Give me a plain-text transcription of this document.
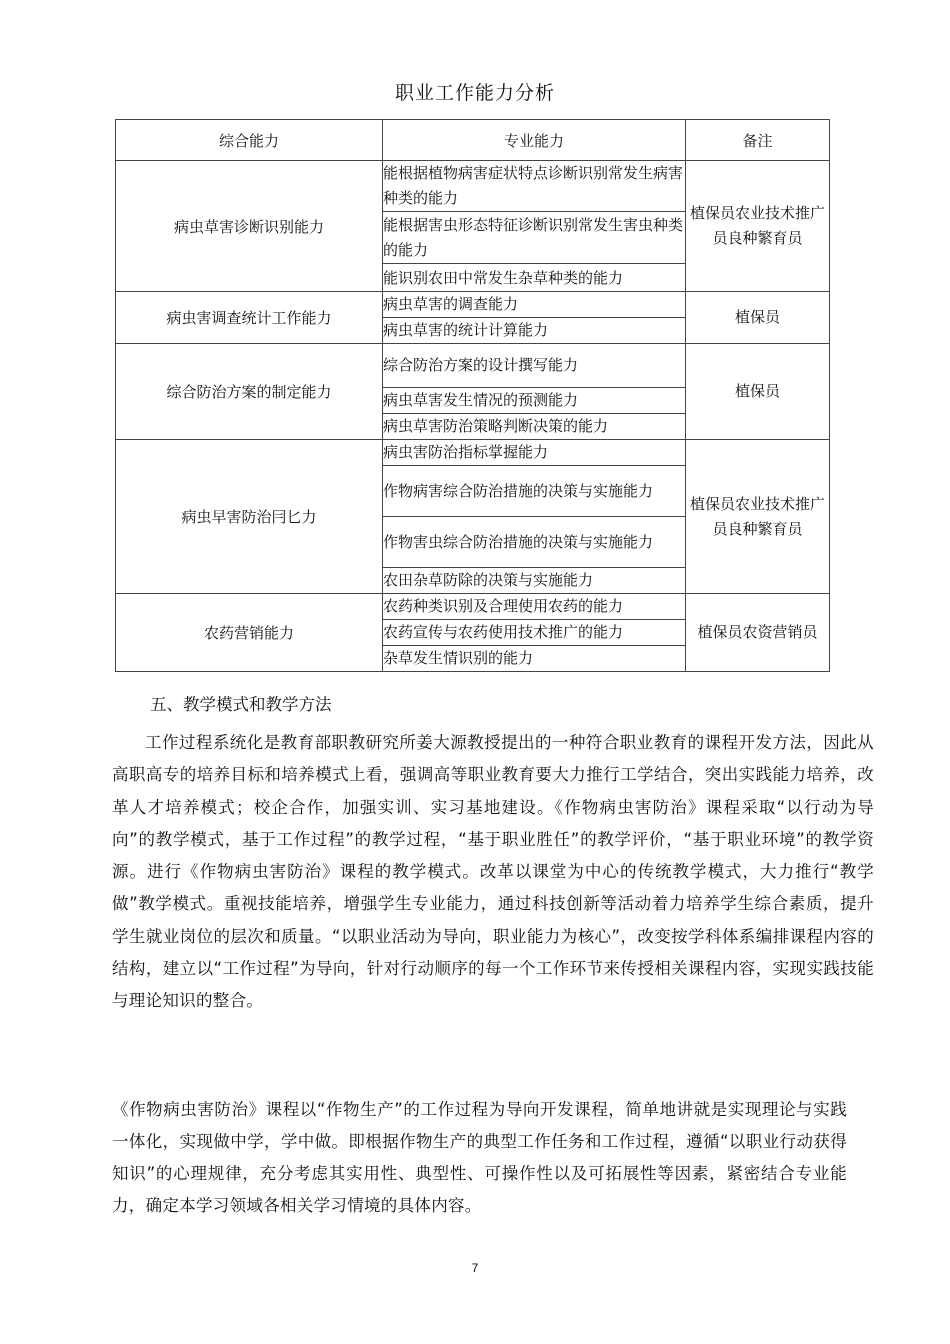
职业工作能力分析
综合能力	专业能力	备注
病虫草害诊断识别能力	能根据植物病害症状特点诊断识别常发生病害种类的能力	植保员农业技术推广员良种繁育员
	能根据害虫形态特征诊断识别常发生害虫种类的能力	
	能识别农田中常发生杂草种类的能力	
病虫害调查统计工作能力	病虫草害的调查能力	植保员
	病虫草害的统计计算能力	
综合防治方案的制定能力	综合防治方案的设计撰写能力	植保员
	病虫草害发生情况的预测能力	
	病虫草害防治策略判断决策的能力	
病虫早害防治冃匕力	病虫害防治指标掌握能力	植保员农业技术推广员良种繁育员
	作物病害综合防治措施的决策与实施能力	
	作物害虫综合防治措施的决策与实施能力	
	农田杂草防除的决策与实施能力	
农药营销能力	农药种类识别及合理使用农药的能力	植保员农资营销员
	农药宣传与农药使用技术推广的能力	
	杂草发生情识别的能力	
五、教学模式和教学方法
工作过程系统化是教育部职教研究所姜大源教授提出的一种符合职业教育的课程开发方法，因此从高职高专的培养目标和培养模式上看，强调高等职业教育要大力推行工学结合，突出实践能力培养，改革人才培养模式；校企合作，加强实训、实习基地建设。《作物病虫害防治》课程采取“以行动为导向”的教学模式，基于工作过程”的教学过程，“基于职业胜任”的教学评价，“基于职业环境”的教学资源。进行《作物病虫害防治》课程的教学模式。改革以课堂为中心的传统教学模式，大力推行“教学做”教学模式。重视技能培养，增强学生专业能力，通过科技创新等活动着力培养学生综合素质，提升学生就业岗位的层次和质量。“以职业活动为导向，职业能力为核心”，改变按学科体系编排课程内容的结构，建立以“工作过程”为导向，针对行动顺序的每一个工作环节来传授相关课程内容，实现实践技能与理论知识的整合。
《作物病虫害防治》课程以“作物生产”的工作过程为导向开发课程，简单地讲就是实现理论与实践一体化，实现做中学，学中做。即根据作物生产的典型工作任务和工作过程，遵循“以职业行动获得知识”的心理规律，充分考虑其实用性、典型性、可操作性以及可拓展性等因素，紧密结合专业能力，确定本学习领域各相关学习情境的具体内容。
7
